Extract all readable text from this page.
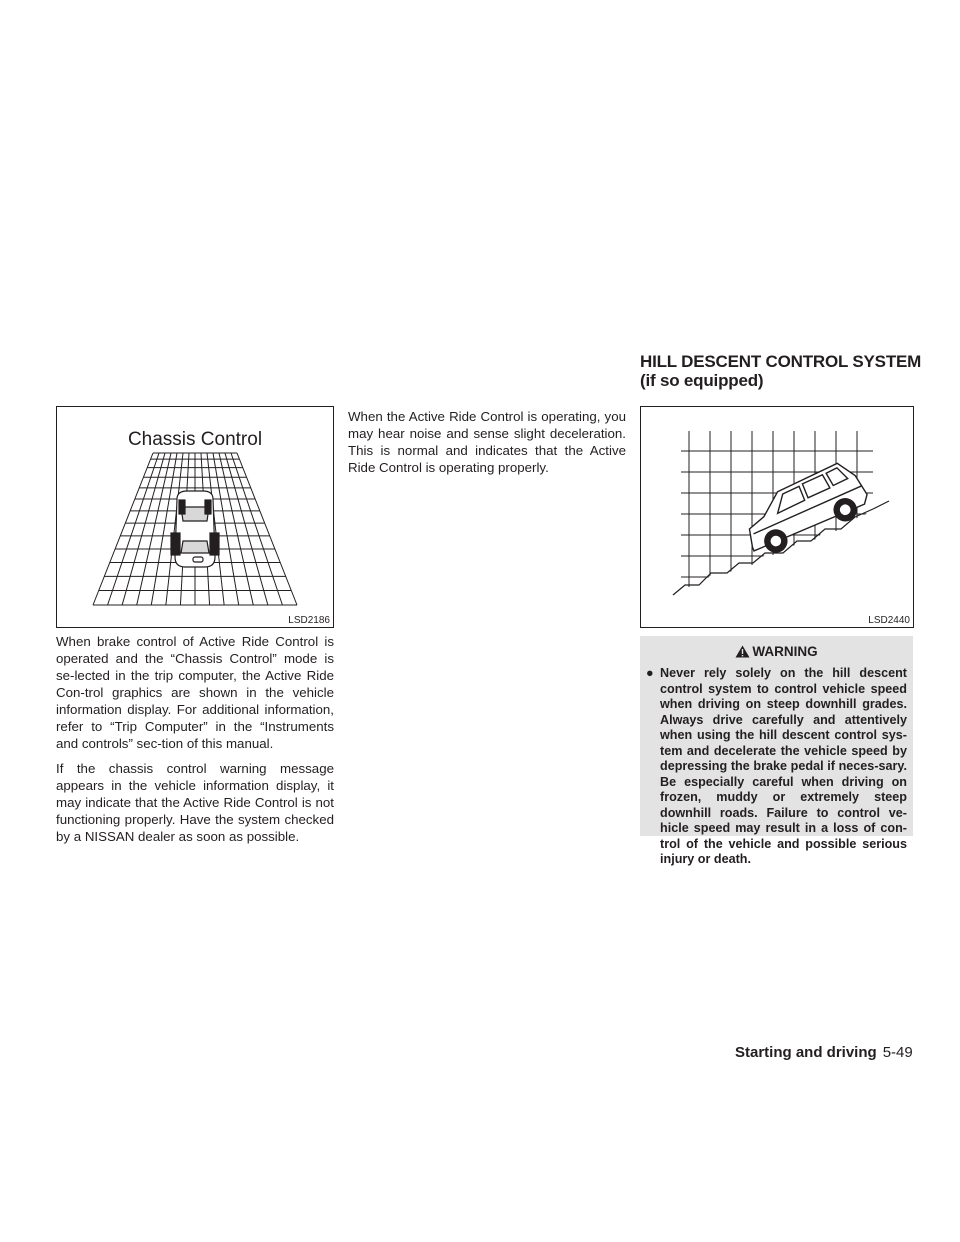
HILL DESCENT CONTROL SYSTEM (if so equipped)
Chassis Control
LSD2186

When brake control of Active Ride Control is operated and the “Chassis Control” mode is se-lected in the trip computer, the Active Ride Con-trol graphics are shown in the vehicle information display. For additional information, refer to “Trip Computer” in the “Instruments and controls” sec-tion of this manual.

If the chassis control warning message appears in the vehicle information display, it may indicate that the Active Ride Control is not functioning properly. Have the system checked by a NISSAN dealer as soon as possible.

When the Active Ride Control is operating, you may hear noise and sense slight deceleration. This is normal and indicates that the Active Ride Control is operating properly.

LSD2440
WARNING
● Never rely solely on the hill descent control system to control vehicle speed when driving on steep downhill grades. Always drive carefully and attentively when using the hill descent control sys-tem and decelerate the vehicle speed by depressing the brake pedal if neces-sary. Be especially careful when driving on frozen, muddy or extremely steep downhill roads. Failure to control ve-hicle speed may result in a loss of con-trol of the vehicle and possible serious injury or death.
Starting and driving 5-49
